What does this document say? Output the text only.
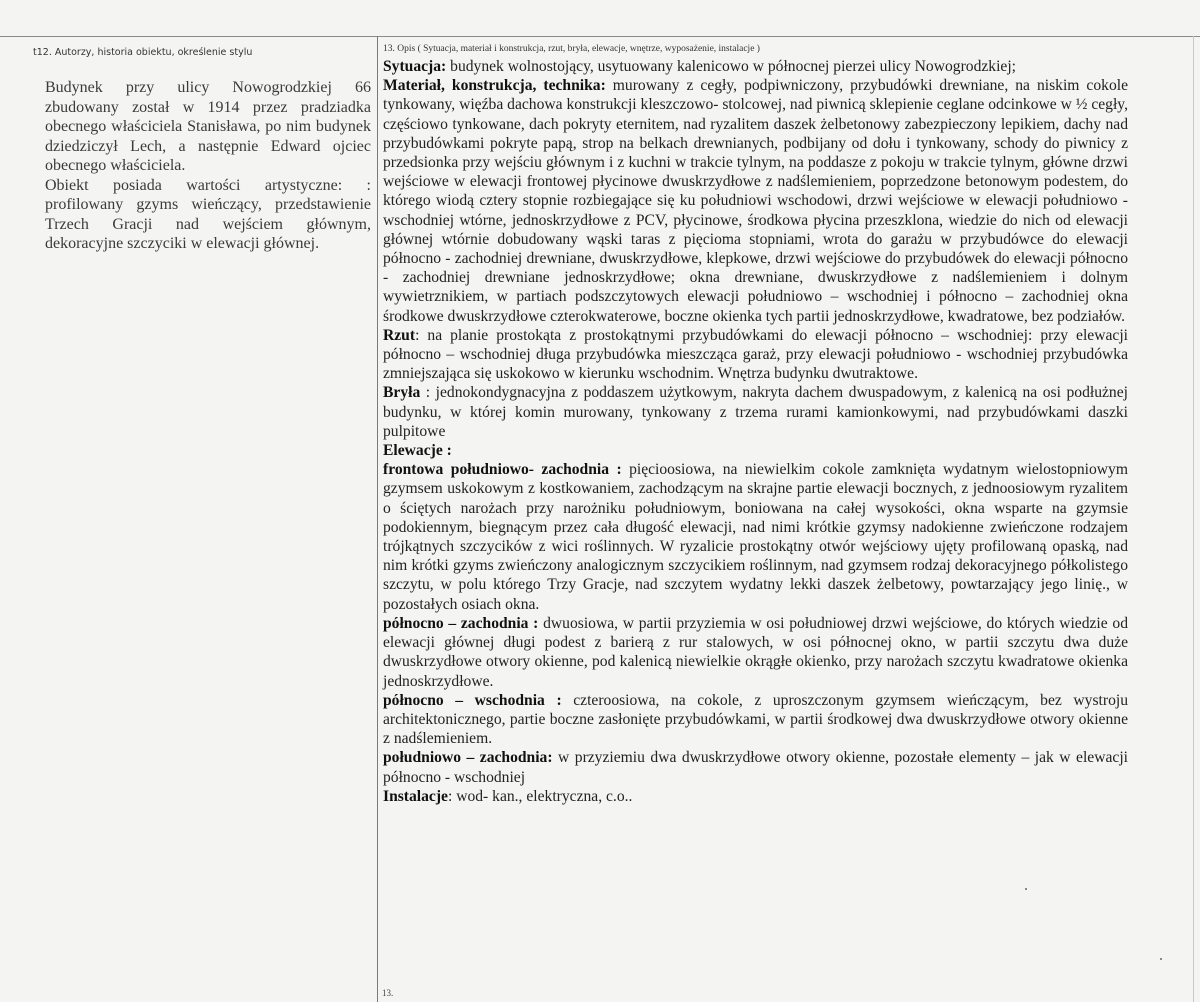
t12. Autorzy, historia obiektu, określenie stylu

Budynek przy ulicy Nowogrodzkiej 66 zbudowany został w 1914 przez pradziadka obecnego właściciela Stanisława, po nim budynek dziedziczył Lech, a następnie Edward ojciec obecnego właściciela.

Obiekt posiada wartości artystyczne: : profilowany gzyms wieńczący, przedstawienie Trzech Gracji nad wejściem głównym, dekoracyjne szczyciki w elewacji głównej.

13. Opis ( Sytuacja, materiał i konstrukcja, rzut, bryła, elewacje, wnętrze, wyposażenie, instalacje )

Sytuacja: budynek wolnostojący, usytuowany kalenicowo w północnej pierzei ulicy Nowogrodzkiej;

Materiał, konstrukcja, technika: murowany z cegły, podpiwniczony, przybudówki drewniane, na niskim cokole tynkowany, więźba dachowa konstrukcji kleszczowo- stolcowej, nad piwnicą sklepienie ceglane odcinkowe w ½ cegły, częściowo tynkowane, dach pokryty eternitem, nad ryzalitem daszek żelbetonowy zabezpieczony lepikiem, dachy nad przybudówkami pokryte papą, strop na belkach drewnianych, podbijany od dołu i tynkowany, schody do piwnicy z przedsionka przy wejściu głównym i z kuchni w trakcie tylnym, na poddasze z pokoju w trakcie tylnym, główne drzwi wejściowe w elewacji frontowej płycinowe dwuskrzydłowe z nadślemieniem, poprzedzone betonowym podestem, do którego wiodą cztery stopnie rozbiegające się ku południowi wschodowi, drzwi wejściowe w elewacji południowo - wschodniej wtórne, jednoskrzydłowe z PCV, płycinowe, środkowa płycina przeszklona, wiedzie do nich od elewacji głównej wtórnie dobudowany wąski taras z pięcioma stopniami, wrota do garażu w przybudówce do elewacji północno - zachodniej drewniane, dwuskrzydłowe, klepkowe, drzwi wejściowe do przybudówek do elewacji północno - zachodniej drewniane jednoskrzydłowe; okna drewniane, dwuskrzydłowe z nadślemieniem i dolnym wywietrznikiem, w partiach podszczytowych elewacji południowo – wschodniej i północno – zachodniej okna środkowe dwuskrzydłowe czterokwaterowe, boczne okienka tych partii jednoskrzydłowe, kwadratowe, bez podziałów.

Rzut: na planie prostokąta z prostokątnymi przybudówkami do elewacji północno – wschodniej: przy elewacji północno – wschodniej długa przybudówka mieszcząca garaż, przy elewacji południowo - wschodniej przybudówka zmniejszająca się uskokowo w kierunku wschodnim. Wnętrza budynku dwutraktowe.

Bryła : jednokondygnacyjna z poddaszem użytkowym, nakryta dachem dwuspadowym, z kalenicą na osi podłużnej budynku, w której komin murowany, tynkowany z trzema rurami kamionkowymi, nad przybudówkami daszki pulpitowe

Elewacje :

frontowa południowo- zachodnia : pięcioosiowa, na niewielkim cokole zamknięta wydatnym wielostopniowym gzymsem uskokowym z kostkowaniem, zachodzącym na skrajne partie elewacji bocznych, z jednoosiowym ryzalitem o ściętych narożach przy narożniku południowym, boniowana na całej wysokości, okna wsparte na gzymsie podokiennym, biegnącym przez cała długość elewacji, nad nimi krótkie gzymsy nadokienne zwieńczone rodzajem trójkątnych szczycików z wici roślinnych. W ryzalicie prostokątny otwór wejściowy ujęty profilowaną opaską, nad nim krótki gzyms zwieńczony analogicznym szczycikiem roślinnym, nad gzymsem rodzaj dekoracyjnego półkolistego szczytu, w polu którego Trzy Gracje, nad szczytem wydatny lekki daszek żelbetowy, powtarzający jego linię., w pozostałych osiach okna.

północno – zachodnia : dwuosiowa, w partii przyziemia w osi południowej drzwi wejściowe, do których wiedzie od elewacji głównej długi podest z barierą z rur stalowych, w osi północnej okno, w partii szczytu dwa duże dwuskrzydłowe otwory okienne, pod kalenicą niewielkie okrągłe okienko, przy narożach szczytu kwadratowe okienka jednoskrzydłowe.

północno – wschodnia : czteroosiowa, na cokole, z uproszczonym gzymsem wieńczącym, bez wystroju architektonicznego, partie boczne zasłonięte przybudówkami, w partii środkowej dwa dwuskrzydłowe otwory okienne z nadślemieniem.

południowo – zachodnia: w przyziemiu dwa dwuskrzydłowe otwory okienne, pozostałe elementy – jak w elewacji północno - wschodniej

Instalacje: wod- kan., elektryczna, c.o..

13.
